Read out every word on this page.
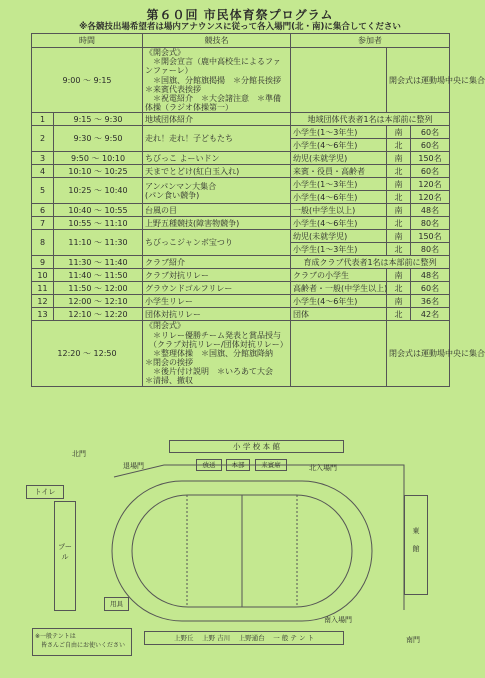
第６０回 市民体育祭プログラム
※各競技出場希望者は場内アナウンスに従って各入場門(北・南)に集合してください
時間		競技名	参加者		
9:00 〜 9:15		《開会式》
　＊開会宣言（鹿中高校生によるファンファーレ）
　＊国旗、分館旗掲揚　＊分館長挨拶　＊来賓代表挨拶
　＊祝電紹介　＊大会諸注意　＊準備体操（ラジオ体操第一）		開会式は運動場中央に集合	
1	9:15 〜 9:30	地域団体紹介	地域団体代表者1名は本部前に整列		
2	9:30 〜 9:50	走れ！走れ！子どもたち	小学生(1〜3年生)	南	60名
			小学生(4〜6年生)	北	60名
3	9:50 〜 10:10	ちびっこ よーいドン	幼児(未就学児)	南	150名
4	10:10 〜 10:25	天までとどけ(紅白玉入れ)	来賓・役員・高齢者	北	60名
5	10:25 〜 10:40	アンパンマン大集合
(パン食い競争)	小学生(1〜3年生)	南	120名
			小学生(4〜6年生)	北	120名
6	10:40 〜 10:55	台風の目	一般(中学生以上)	南	48名
7	10:55 〜 11:10	上野五種競技(障害物競争)	小学生(4〜6年生)	北	80名
8	11:10 〜 11:30	ちびっこジャンボ宝つり	幼児(未就学児)	南	150名
			小学生(1〜3年生)	北	80名
9	11:30 〜 11:40	クラブ紹介	育成クラブ代表者1名は本部前に整列		
10	11:40 〜 11:50	クラブ対抗リレー	クラブの小学生	南	48名
11	11:50 〜 12:00	グラウンドゴルフリレー	高齢者・一般(中学生以上)	北	60名
12	12:00 〜 12:10	小学生リレー	小学生(4〜6年生)	南	36名
13	12:10 〜 12:20	団体対抗リレー	団体	北	42名
12:20 〜 12:50		《閉会式》
　＊リレー優勝チーム発表と賞品授与
　（クラブ対抗リレー/団体対抗リレー）
　＊整理体操　＊国旗、分館旗降納　＊閉会の挨拶
　＊後片付け説明　＊いろあて大会　＊清掃、撤収		閉会式は運動場中央に集合	
小 学 校 本 館
放送	本部	来賓席
退場門	北入場門
南入場門
北門
南門
トイレ
プール
東

館
用具
上野丘　 上野 吉川　 上野通台　 一 般 テ ン ト
※一般テントは
　皆さんご自由にお使いください
